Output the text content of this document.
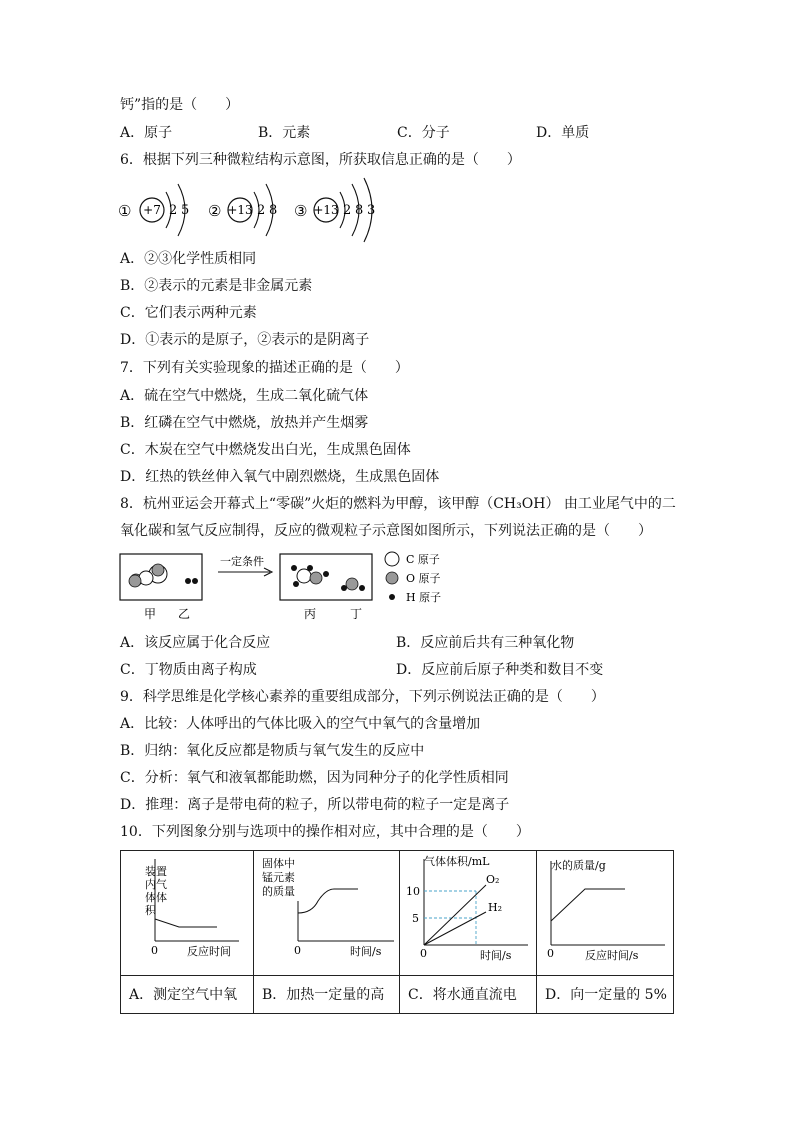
钙”指的是（　　）
A．原子	B．元素	C．分子	D．单质
6．根据下列三种微粒结构示意图，所获取信息正确的是（　　）
① +7 2 5 ② +13 2 8 ③ +13 2 8 3
A．②③化学性质相同
B．②表示的元素是非金属元素
C．它们表示两种元素
D．①表示的是原子，②表示的是阴离子
7．下列有关实验现象的描述正确的是（　　）
A．硫在空气中燃烧，生成二氧化硫气体
B．红磷在空气中燃烧，放热并产生烟雾
C．木炭在空气中燃烧发出白光，生成黑色固体
D．红热的铁丝伸入氧气中剧烈燃烧，生成黑色固体
8．杭州亚运会开幕式上“零碳”火炬的燃料为甲醇，该甲醇（CH₃OH） 由工业尾气中的二
氧化碳和氢气反应制得，反应的微观粒子示意图如图所示，下列说法正确的是（　　）
甲 乙
一定条件
丙	丁
C 原子
O 原子
H 原子
A．该反应属于化合反应	B．反应前后共有三种氧化物
C．丁物质由离子构成	D．反应前后原子种类和数目不变
9．科学思维是化学核心素养的重要组成部分，下列示例说法正确的是（　　）
A．比较：人体呼出的气体比吸入的空气中氧气的含量增加
B．归纳：氧化反应都是物质与氧气发生的反应中
C．分析：氧气和液氧都能助燃，因为同种分子的化学性质相同
D．推理：离子是带电荷的粒子，所以带电荷的粒子一定是离子
10．下列图象分别与选项中的操作相对应，其中合理的是（　　）
装置
内气
体体
积
0	反应时间
固体中
锰元素
的质量
0	时间/s
气体体积/mL
10
5
O₂
H₂
0	时间/s
水的质量/g
0	反应时间/s
A．测定空气中氧	B．加热一定量的高	C．将水通直流电	D．向一定量的 5%
